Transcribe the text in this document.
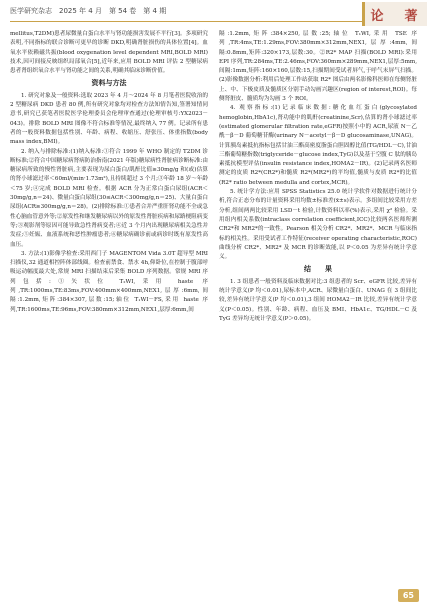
医学研究杂志　2025 年 4 月　第 54 卷　第 4 期	论　著

mellitus,T2DM)患者尿微量白蛋白水平与肾功能损害发展不平行[3]。多项研究表明,不同指标的联合诊断可更早的诊断 DKD,明确肾脏损伤的具体位置[4]。血氧水平依赖磁共振(blood oxygenation level dependent MRI,BOLD MRI)技术,因可间接反映组织局部氧合[5],近年来,应用 BOLD MRI 评估 2 型糖尿病患者肾组织氧合水平与肾功能之间的关系,明确其临床诊断价值。

资料与方法

1. 研究对象及一般资料:选取 2023 年 4 月～2024 年 8 月笔者医院收治的 2 型糖尿病 DKD 患者 80 例,所有研究对象均对检查方法知情告知,签署知情同意书,研究已获笔者医院医学伦理委员会伦理审查通过(伦理审核号:YX2023－043)。排除 BOLD MRI 图像不符合标准等情况,最终纳入 77 例。记录所有患者的一般资料数据包括性别、年龄、病程、收缩压、舒张压、体重指数(body mass index,BMI)。

2. 纳入与排除标准:(1)纳入标准:①符合 1999 年 WHO 制定的 T2DM 诊断标准;②符合中国糖尿病肾病防治指南(2021 年版)糖尿病性肾脏病诊断标准:由糖尿病所致的慢性肾脏病,主要表现为尿白蛋白/肌酐比值≥30mg/g 和(或)估算的肾小球滤过率＜60ml/(min·1.73m²),且持续超过 3 个月;③年龄 18 岁～年龄＜75 岁;④完成 BOLD MRI 检查。根据 ACR 分为正常白蛋白尿组(ACR＜30mg/g,n＝24)、微量白蛋白尿组(30≤ACR＜300mg/g,n＝25)、大量白蛋白尿组(ACR≥300mg/g,n＝28)。(2)排除标准:①患者合并严重肝肾功能不全或急性心脑血管意外等;②原发性和继发糖尿病以外的原发性肾脏疾病和尿路梗阻病变等;③观影剂等原因可能导致急性肾病变者;④近 3 个月内出现糖尿病相关急性并发症;⑤妊娠、血液系统和恶性肿瘤患者;⑥糖尿病确诊前或病诊时既有原发性高血压。

3. 方法:(1)影像学检查:采用西门子 MAGENTOM Vida 3.0T 超导型 MRI 扫描仪,32 通道相控阵体部线圈。检查前禁食、禁水 4h,仰卧位,在控制于腹部呼吸运动幅度最大处,常规 MRI 扫描结束后采集 BOLD 序列数据。常规 MRI 序列包括:①矢状位 T₂WI,采用 haste 序列,TR:1000ms,TE:83ms,FOV:400mm×400mm,NEX1,层厚:6mm,间隔:1.2mm,矩阵:384×307,层数:15;轴位 T₁WI－FS,采用 haste 序列,TR:1600ms,TE:96ms,FOV:380mm×312mm,NEX1,层厚:6mm,间

隔:1.2mm,矩阵:384×250,层数:25;轴位 T₁WI,采用 TSE 序列,TR:4ms,TE:1.29ms,FOV:380mm×312mm,NEX1,层厚:4mm,间隔:0.8mm,矩阵:320×173,层数:30。②R2* MAP 扫描(BOLD MRI):采用 EPI 序列,TR:284ms,TE:2.46ms,FOV:360mm×289mm,NEX1,层厚:5mm,间隔:1mm,矩阵:160×160,层数:15,扫描期间受试者屏气,于呼气末屏气扫描。(2)影像数据分析:利用后处理工作站获取 R2* 图后由两名影像科医师在每侧肾脏上、中、下极皮质及髓质区分别手动勾画兴趣区(region of interest,ROI)。每侧肾脏皮、髓质均为勾画 3 个 ROI。

4. 观察指标:(1)记录临床数据:糖化血红蛋白(glycosylated hemoglobin,HbA1c),肾功能中的肌酐(creatinine,Scr),估算的肾小球滤过率(estimated glomerular filtration rate,eGFR)按照小中的 ACR,尿液 N－乙酰－β－D 葡萄糖苷酶(urinary N－acetyl－β－D glucosaminase,UNAG)。计算胰岛素抵抗指标包括甘油三酯高密度脂蛋白胆固醇比值(TG/HDL－C),甘油三酯葡萄糖指数(triglyceride－glucose index,TyG)以及基于空腹 C 肽的胰岛素抵抗模型评估(insulin resistance index,HOMA2－IR)。(2)记录两名医师测定的皮质 R2*(CR2*)和髓质 R2*(MR2*)的平均值,髓质与皮质 R2*的比值(R2* ratio between medulla and cortex,MCR)。

5. 统计学方法:应用 SPSS Statistics 25.0 统计学软件对数据进行统计分析,符合正态分布的计量资料采用均数±标准差(x̄±s)表示。多组间比较采用方差分析,组间两两比较采用 LSD－t 检验,计数资料以率(%)表示,采用 χ² 检验。采用组内相关系数(intraclass correlation coefficient,ICC)比较两名医师所测 CR2*和 MR2*的一致性。Pearson 相关分析 CR2*、MR2*、MCR 与临床指标的相关性。采用受试者工作特征(receiver operating characteristic,ROC)曲线分析 CR2*、MR2* 及 MCR 的诊断效能,以 P＜0.05 为差异有统计学意义。

结　　果

1. 3 组患者一般资料及临床数据对比:3 组患者的 Scr、eGFR 比较,差异有统计学意义(P 均＜0.01),尿标本中,ACR、尿微量白蛋白、UNAG 在 3 组间比较,差异有统计学意义(P 均＜0.01),3 组间 HOMA2－IR 比较,差异有统计学意义(P＜0.05)。性别、年龄、病程、血压及 BMI、HbA1c、TG/HDL－C 及 TyG 差异均无统计学意义(P＞0.05)。

65
